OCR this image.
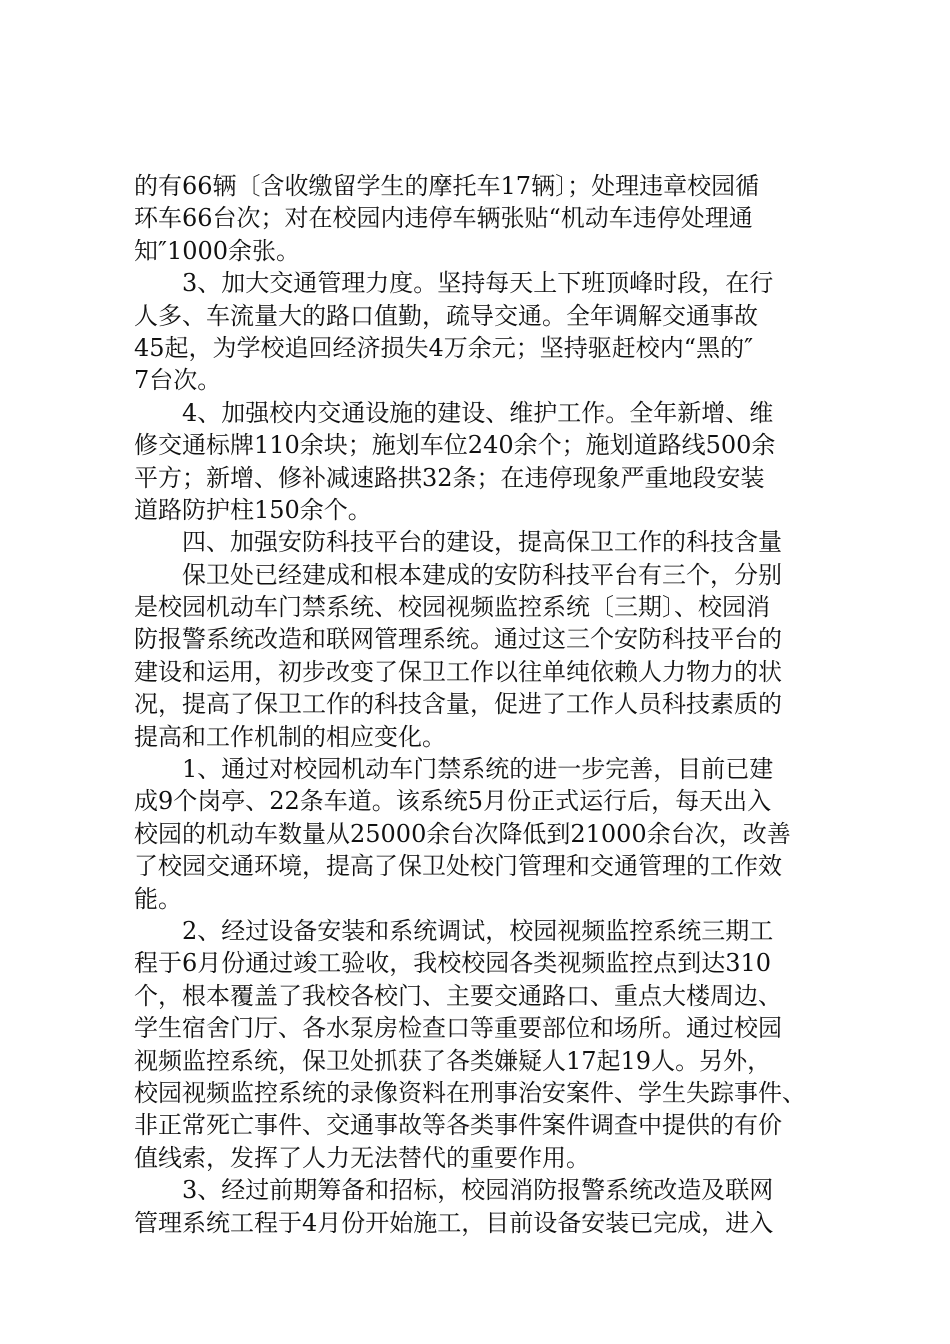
的有66辆〔含收缴留学生的摩托车17辆〕；处理违章校园循
环车66台次；对在校园内违停车辆张贴“机动车违停处理通
知″1000余张。
3、加大交通管理力度。坚持每天上下班顶峰时段，在行
人多、车流量大的路口值勤，疏导交通。全年调解交通事故
45起，为学校追回经济损失4万余元；坚持驱赶校内“黑的″
7台次。
4、加强校内交通设施的建设、维护工作。全年新增、维
修交通标牌110余块；施划车位240余个；施划道路线500余
平方；新增、修补减速路拱32条；在违停现象严重地段安装
道路防护柱150余个。
四、加强安防科技平台的建设，提高保卫工作的科技含量
保卫处已经建成和根本建成的安防科技平台有三个，分别
是校园机动车门禁系统、校园视频监控系统〔三期〕、校园消
防报警系统改造和联网管理系统。通过这三个安防科技平台的
建设和运用，初步改变了保卫工作以往单纯依赖人力物力的状
况，提高了保卫工作的科技含量，促进了工作人员科技素质的
提高和工作机制的相应变化。
1、通过对校园机动车门禁系统的进一步完善，目前已建
成9个岗亭、22条车道。该系统5月份正式运行后，每天出入
校园的机动车数量从25000余台次降低到21000余台次，改善
了校园交通环境，提高了保卫处校门管理和交通管理的工作效
能。
2、经过设备安装和系统调试，校园视频监控系统三期工
程于6月份通过竣工验收，我校校园各类视频监控点到达310
个，根本覆盖了我校各校门、主要交通路口、重点大楼周边、
学生宿舍门厅、各水泵房检查口等重要部位和场所。通过校园
视频监控系统，保卫处抓获了各类嫌疑人17起19人。另外，
校园视频监控系统的录像资料在刑事治安案件、学生失踪事件、
非正常死亡事件、交通事故等各类事件案件调查中提供的有价
值线索，发挥了人力无法替代的重要作用。
3、经过前期筹备和招标，校园消防报警系统改造及联网
管理系统工程于4月份开始施工，目前设备安装已完成，进入
